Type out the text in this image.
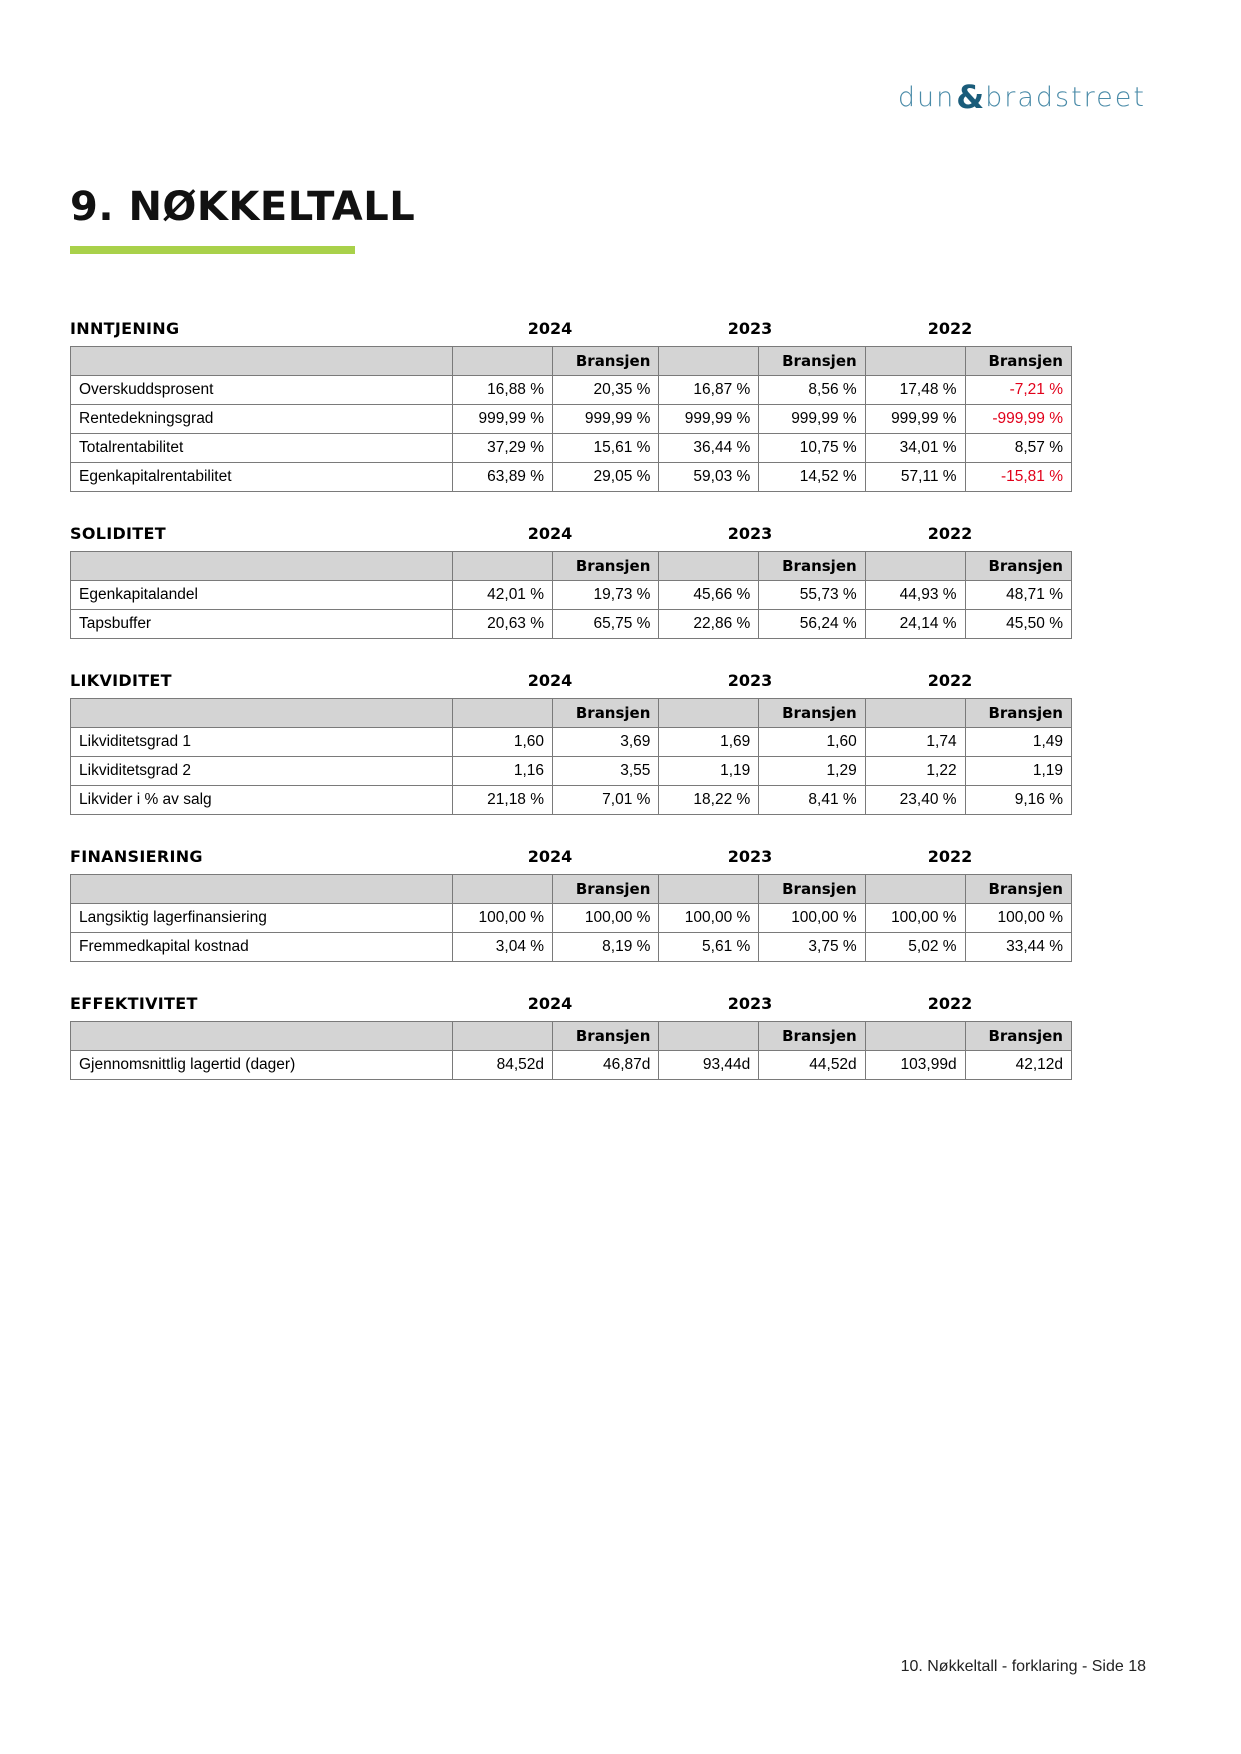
dun & bradstreet
9. NØKKELTALL
INNTJENING	2024	2023	2022
		Bransjen		Bransjen		Bransjen
Overskuddsprosent	16,88 %	20,35 %	16,87 %	8,56 %	17,48 %	-7,21 %
Rentedekningsgrad	999,99 %	999,99 %	999,99 %	999,99 %	999,99 %	-999,99 %
Totalrentabilitet	37,29 %	15,61 %	36,44 %	10,75 %	34,01 %	8,57 %
Egenkapitalrentabilitet	63,89 %	29,05 %	59,03 %	14,52 %	57,11 %	-15,81 %
SOLIDITET	2024	2023	2022
		Bransjen		Bransjen		Bransjen
Egenkapitalandel	42,01 %	19,73 %	45,66 %	55,73 %	44,93 %	48,71 %
Tapsbuffer	20,63 %	65,75 %	22,86 %	56,24 %	24,14 %	45,50 %
LIKVIDITET	2024	2023	2022
		Bransjen		Bransjen		Bransjen
Likviditetsgrad 1	1,60	3,69	1,69	1,60	1,74	1,49
Likviditetsgrad 2	1,16	3,55	1,19	1,29	1,22	1,19
Likvider i % av salg	21,18 %	7,01 %	18,22 %	8,41 %	23,40 %	9,16 %
FINANSIERING	2024	2023	2022
		Bransjen		Bransjen		Bransjen
Langsiktig lagerfinansiering	100,00 %	100,00 %	100,00 %	100,00 %	100,00 %	100,00 %
Fremmedkapital kostnad	3,04 %	8,19 %	5,61 %	3,75 %	5,02 %	33,44 %
EFFEKTIVITET	2024	2023	2022
		Bransjen		Bransjen		Bransjen
Gjennomsnittlig lagertid (dager)	84,52d	46,87d	93,44d	44,52d	103,99d	42,12d
10. Nøkkeltall - forklaring - Side 18
